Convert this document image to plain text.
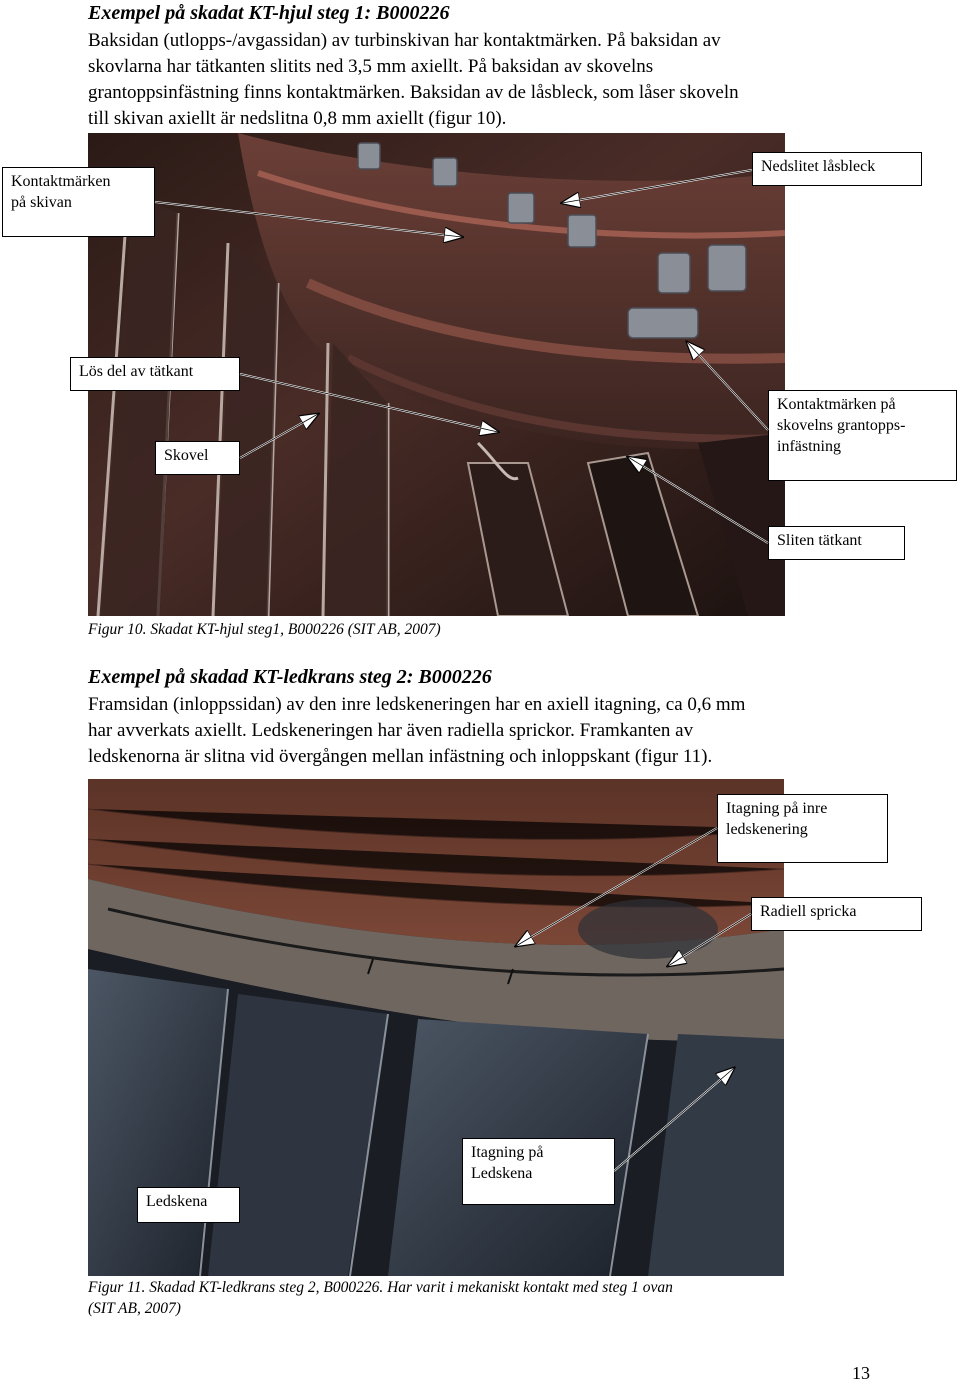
Exempel på skadat KT-hjul steg 1: B000226

Baksidan (utlopps-/avgassidan) av turbinskivan har kontaktmärken. På baksidan av
skovlarna har tätkanten slitits ned 3,5 mm axiellt. På baksidan av skovelns
grantoppsinfästning finns kontaktmärken. Baksidan av de låsbleck, som låser skoveln
till skivan axiellt är nedslitna 0,8 mm axiellt (figur 10).

Kontaktmärken
på skivan
Nedslitet låsbleck
Lös del av tätkant
Skovel
Kontaktmärken på
skovelns grantopps-
infästning
Sliten tätkant

Figur 10. Skadat KT-hjul steg1, B000226 (SIT AB, 2007)

Exempel på skadad KT-ledkrans steg 2: B000226

Framsidan (inloppssidan) av den inre ledskeneringen har en axiell itagning, ca 0,6 mm
har avverkats axiellt. Ledskeneringen har även radiella sprickor. Framkanten av
ledskenorna är slitna vid övergången mellan infästning och inloppskant (figur 11).

Itagning på inre
ledskenering
Radiell spricka
Itagning på
Ledskena
Ledskena

Figur 11. Skadad KT-ledkrans steg 2, B000226. Har varit i mekaniskt kontakt med steg 1 ovan
(SIT AB, 2007)

13
